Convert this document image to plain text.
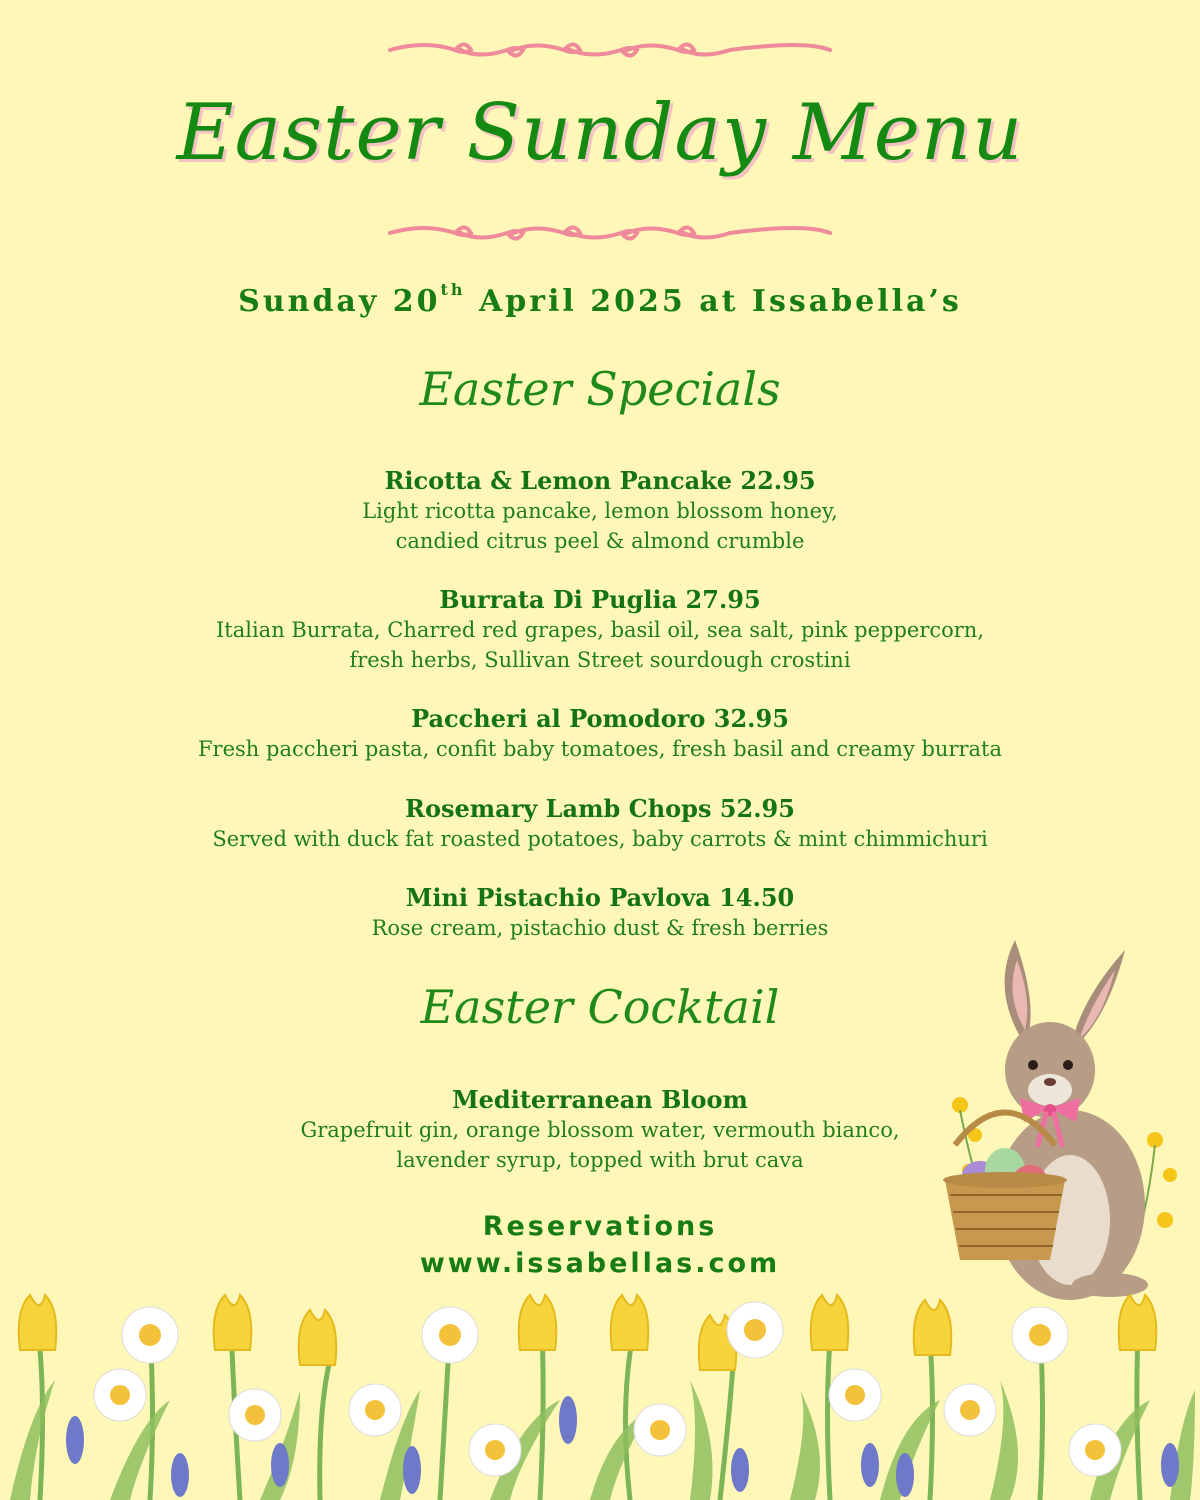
Easter Sunday Menu
Sunday 20th April 2025 at Issabella’s
Easter Specials
Ricotta & Lemon Pancake 22.95
Light ricotta pancake, lemon blossom honey,
candied citrus peel & almond crumble
Burrata Di Puglia 27.95
Italian Burrata, Charred red grapes, basil oil, sea salt, pink peppercorn,
fresh herbs, Sullivan Street sourdough crostini
Paccheri al Pomodoro 32.95
Fresh paccheri pasta, confit baby tomatoes, fresh basil and creamy burrata
Rosemary Lamb Chops 52.95
Served with duck fat roasted potatoes, baby carrots & mint chimmichuri
Mini Pistachio Pavlova 14.50
Rose cream, pistachio dust & fresh berries
Easter Cocktail
Mediterranean Bloom
Grapefruit gin, orange blossom water, vermouth bianco,
lavender syrup, topped with brut cava
Reservations
www.issabellas.com
